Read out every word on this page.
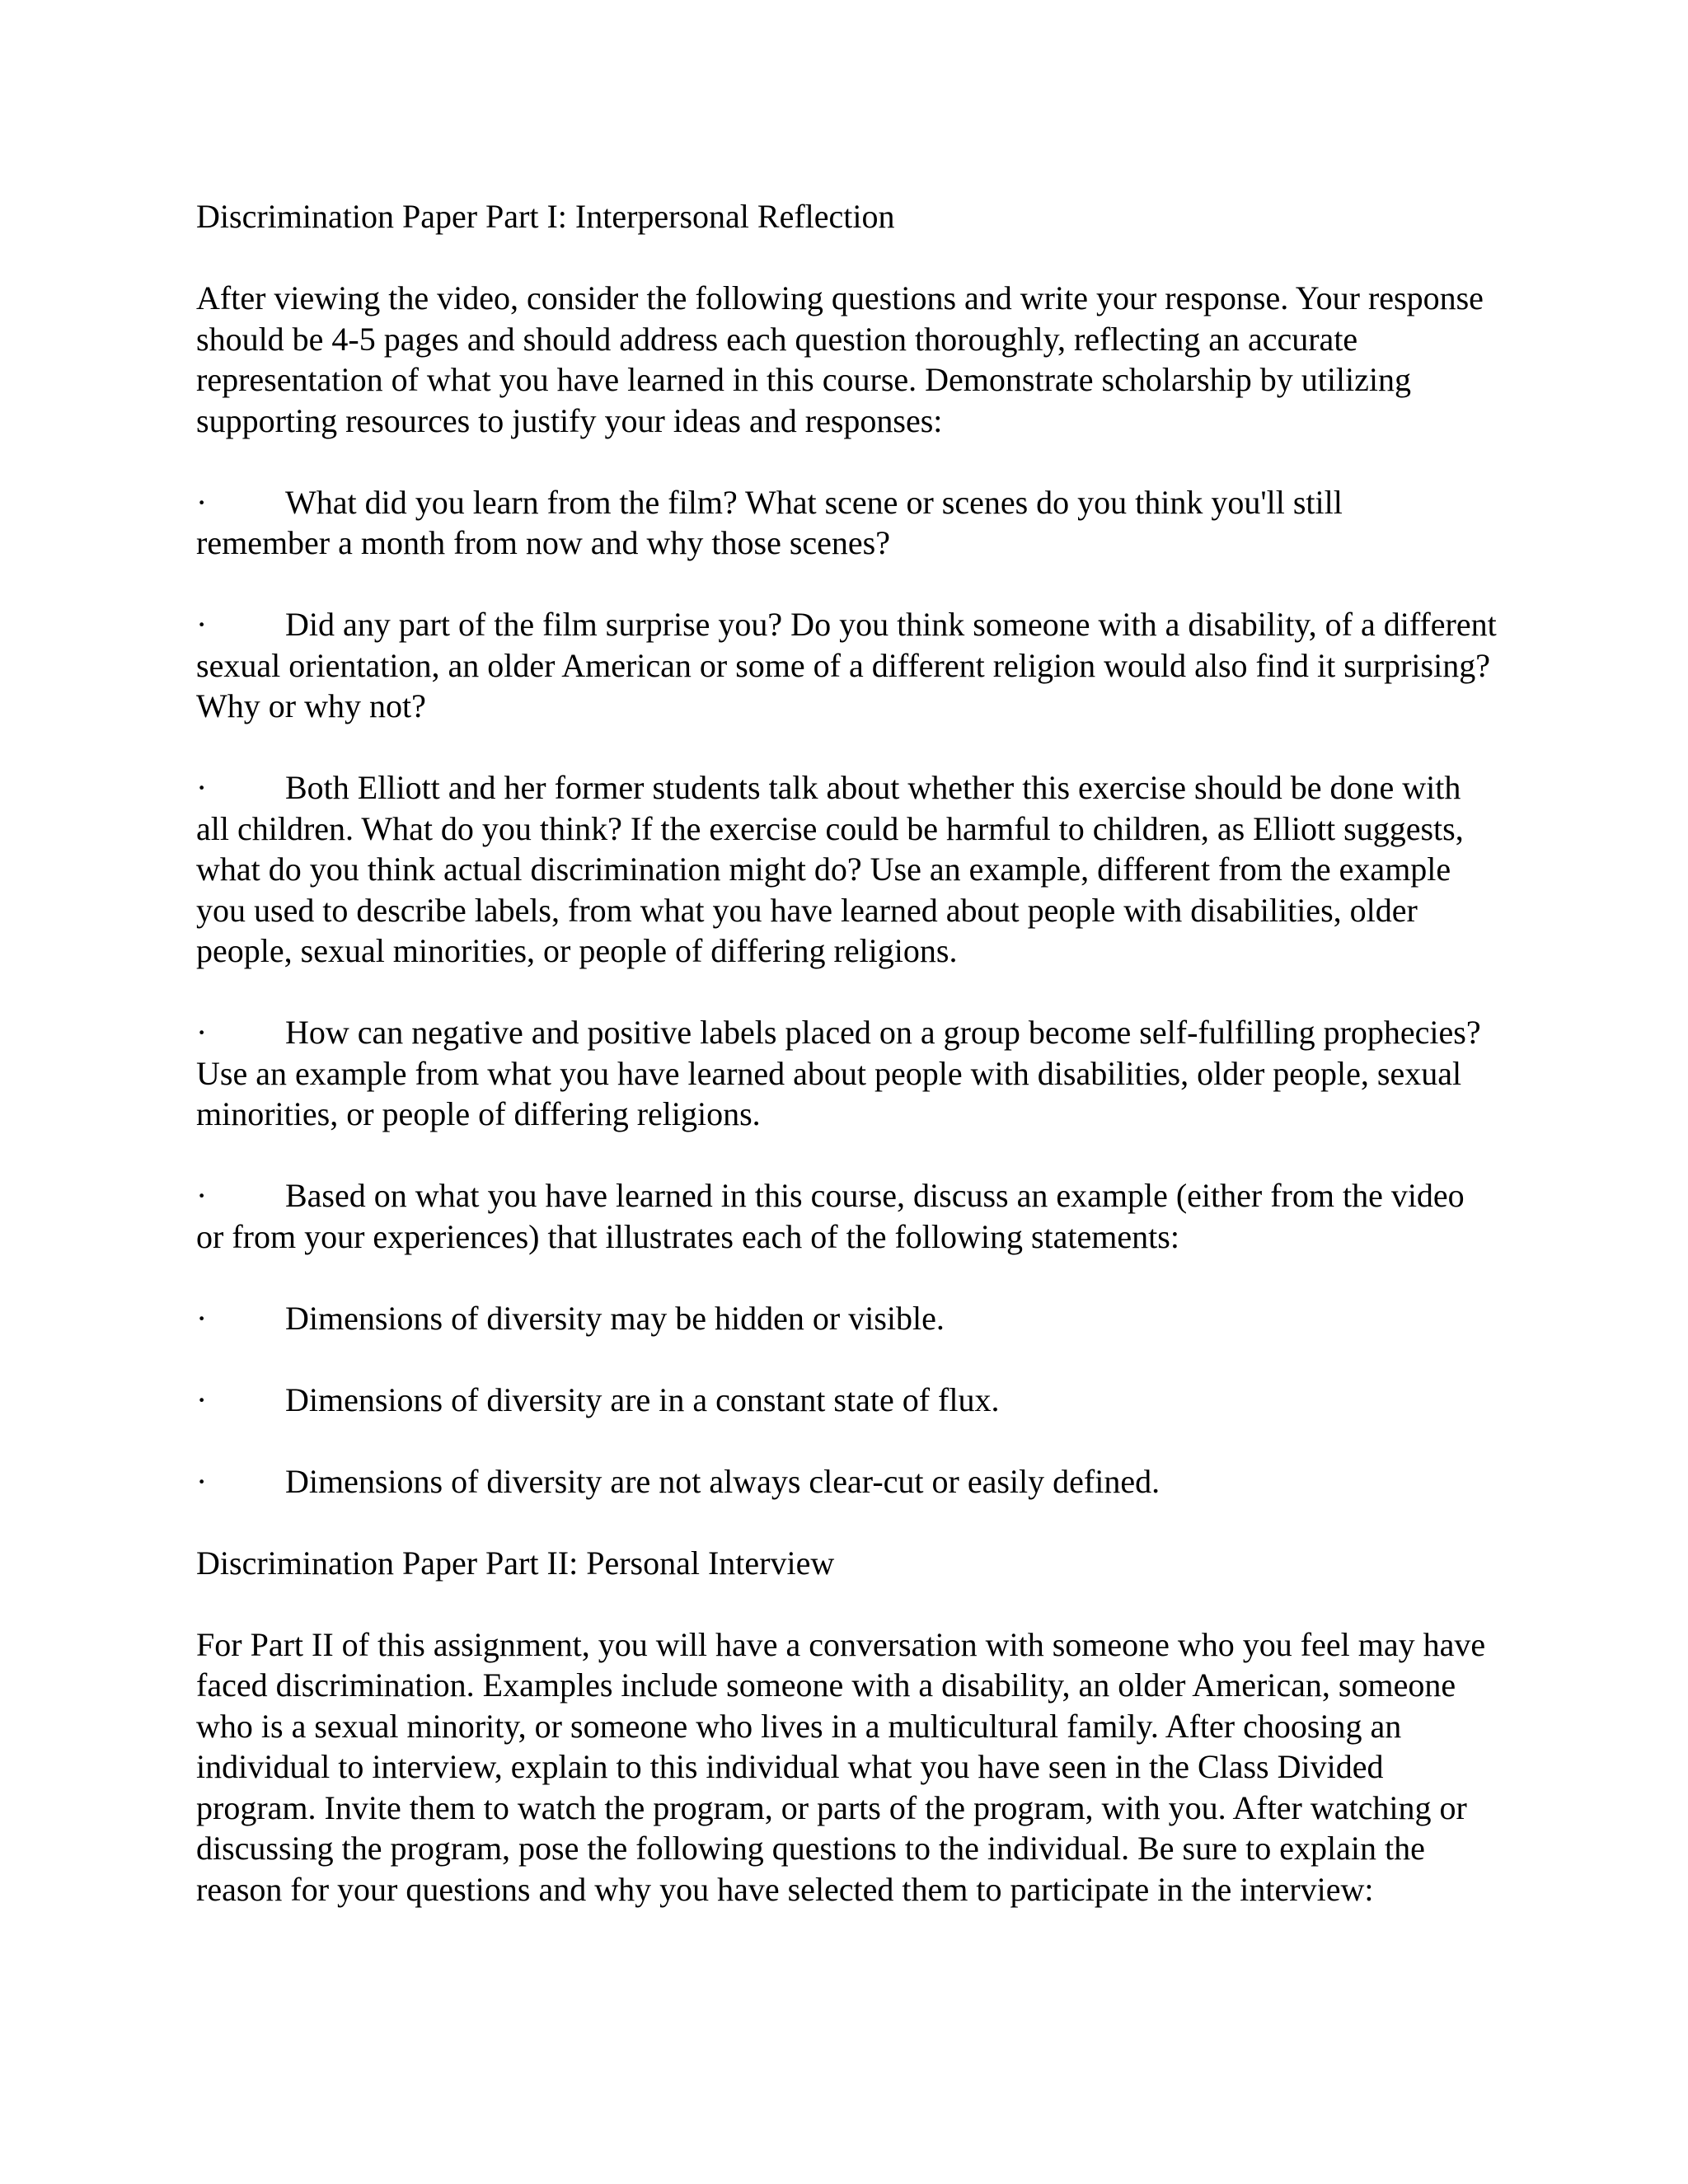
Discrimination Paper Part I: Interpersonal Reflection

After viewing the video, consider the following questions and write your response. Your response should be 4-5 pages and should address each question thoroughly, reflecting an accurate representation of what you have learned in this course. Demonstrate scholarship by utilizing supporting resources to justify your ideas and responses:

· What did you learn from the film? What scene or scenes do you think you'll still remember a month from now and why those scenes?

· Did any part of the film surprise you? Do you think someone with a disability, of a different sexual orientation, an older American or some of a different religion would also find it surprising? Why or why not?

· Both Elliott and her former students talk about whether this exercise should be done with all children. What do you think? If the exercise could be harmful to children, as Elliott suggests, what do you think actual discrimination might do? Use an example, different from the example you used to describe labels, from what you have learned about people with disabilities, older people, sexual minorities, or people of differing religions.

· How can negative and positive labels placed on a group become self-fulfilling prophecies? Use an example from what you have learned about people with disabilities, older people, sexual minorities, or people of differing religions.

· Based on what you have learned in this course, discuss an example (either from the video or from your experiences) that illustrates each of the following statements:

· Dimensions of diversity may be hidden or visible.

· Dimensions of diversity are in a constant state of flux.

· Dimensions of diversity are not always clear-cut or easily defined.

Discrimination Paper Part II: Personal Interview

For Part II of this assignment, you will have a conversation with someone who you feel may have faced discrimination. Examples include someone with a disability, an older American, someone who is a sexual minority, or someone who lives in a multicultural family. After choosing an individual to interview, explain to this individual what you have seen in the Class Divided program. Invite them to watch the program, or parts of the program, with you. After watching or discussing the program, pose the following questions to the individual. Be sure to explain the reason for your questions and why you have selected them to participate in the interview:
